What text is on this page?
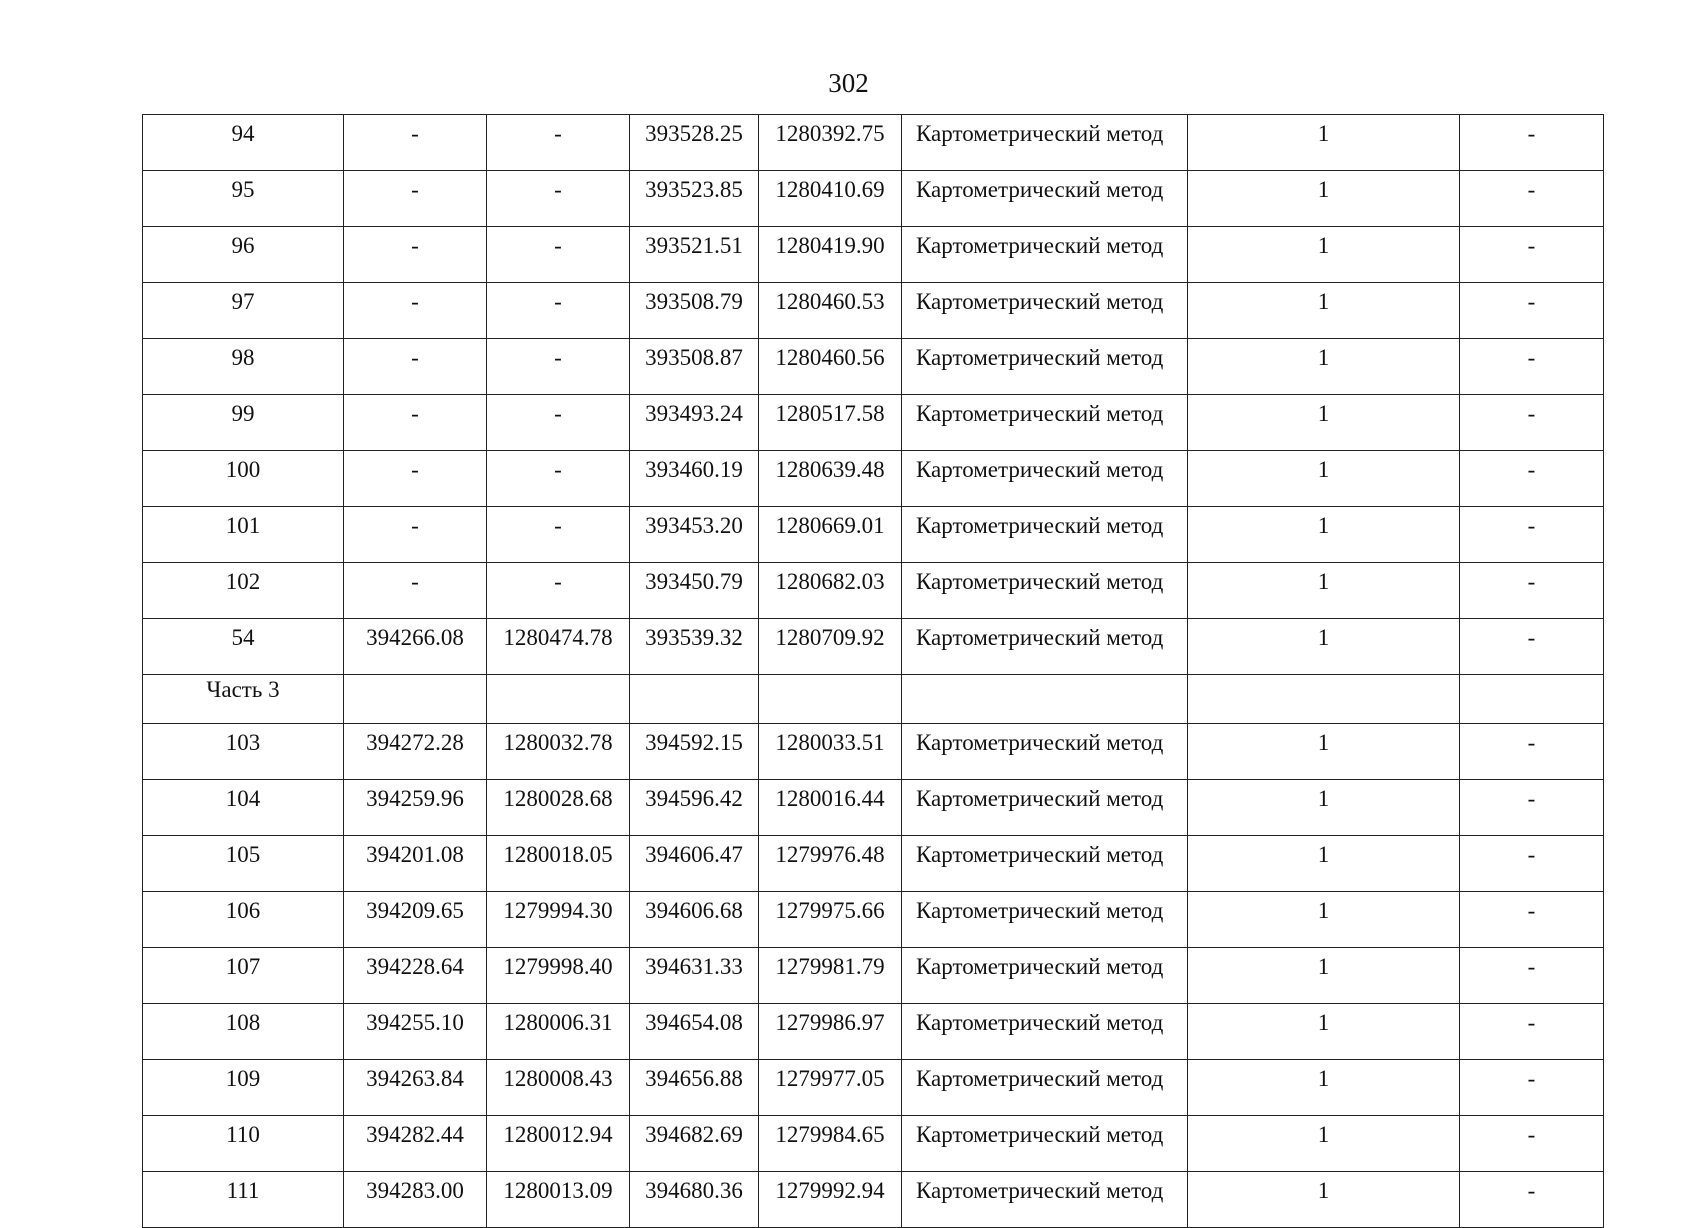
302
94	-	-	393528.25	1280392.75	Картометрический метод	1	-
95	-	-	393523.85	1280410.69	Картометрический метод	1	-
96	-	-	393521.51	1280419.90	Картометрический метод	1	-
97	-	-	393508.79	1280460.53	Картометрический метод	1	-
98	-	-	393508.87	1280460.56	Картометрический метод	1	-
99	-	-	393493.24	1280517.58	Картометрический метод	1	-
100	-	-	393460.19	1280639.48	Картометрический метод	1	-
101	-	-	393453.20	1280669.01	Картометрический метод	1	-
102	-	-	393450.79	1280682.03	Картометрический метод	1	-
54	394266.08	1280474.78	393539.32	1280709.92	Картометрический метод	1	-
Часть 3							
103	394272.28	1280032.78	394592.15	1280033.51	Картометрический метод	1	-
104	394259.96	1280028.68	394596.42	1280016.44	Картометрический метод	1	-
105	394201.08	1280018.05	394606.47	1279976.48	Картометрический метод	1	-
106	394209.65	1279994.30	394606.68	1279975.66	Картометрический метод	1	-
107	394228.64	1279998.40	394631.33	1279981.79	Картометрический метод	1	-
108	394255.10	1280006.31	394654.08	1279986.97	Картометрический метод	1	-
109	394263.84	1280008.43	394656.88	1279977.05	Картометрический метод	1	-
110	394282.44	1280012.94	394682.69	1279984.65	Картометрический метод	1	-
111	394283.00	1280013.09	394680.36	1279992.94	Картометрический метод	1	-
